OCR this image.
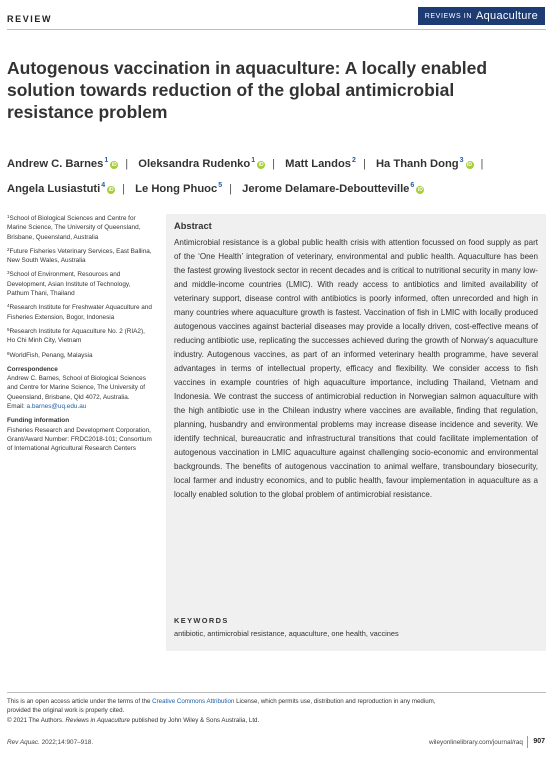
REVIEW	REVIEWS IN Aquaculture
Autogenous vaccination in aquaculture: A locally enabled solution towards reduction of the global antimicrobial resistance problem
Andrew C. Barnes$^1$iD | Oleksandra Rudenko$^1$iD | Matt Landos$^2$ | Ha Thanh Dong$^3$iD | Angela Lusiastuti$^4$iD | Le Hong Phuoc$^5$ | Jerome Delamare-Deboutteville$^6$iD
$^1$School of Biological Sciences and Centre for Marine Science, The University of Queensland, Brisbane, Queensland, Australia
$^2$Future Fisheries Veterinary Services, East Ballina, New South Wales, Australia
$^3$School of Environment, Resources and Development, Asian Institute of Technology, Pathum Thani, Thailand
$^4$Research Institute for Freshwater Aquaculture and Fisheries Extension, Bogor, Indonesia
$^5$Research Institute for Aquaculture No. 2 (RIA2), Ho Chi Minh City, Vietnam
$^6$WorldFish, Penang, Malaysia
Correspondence
Andrew C. Barnes, School of Biological Sciences and Centre for Marine Science, The University of Queensland, Brisbane, Qld 4072, Australia.
Email: a.barnes@uq.edu.au
Funding information
Fisheries Research and Development Corporation, Grant/Award Number: FRDC2018-101; Consortium of International Agricultural Research Centers
Abstract
Antimicrobial resistance is a global public health crisis with attention focussed on food supply as part of the ‘One Health’ integration of veterinary, environmental and public health. Aquaculture has been the fastest growing livestock sector in recent decades and is critical to nutritional security in many low- and middle-income countries (LMIC). With ready access to antibiotics and limited availability of veterinary support, disease control with antibiotics is poorly informed, often unrecorded and high in many countries where aquaculture growth is fastest. Vaccination of fish in LMIC with locally produced autogenous vaccines against bacterial diseases may provide a locally driven, cost-effective means of reducing antibiotic use, replicating the successes achieved during the growth of Norway’s aquaculture industry. Autogenous vaccines, as part of an informed veterinary health programme, have several advantages in terms of intellectual property, efficacy and flexibility. We consider access to fish vaccines in example countries of high aquaculture importance, including Thailand, Vietnam and Indonesia. We contrast the success of antimicrobial reduction in Norwegian salmon aquaculture with the high antibiotic use in the Chilean industry where vaccines are available, finding that regulation, planning, husbandry and environmental problems may increase disease incidence and severity. We identify technical, bureaucratic and infrastructural transitions that could facilitate implementation of autogenous vaccination in LMIC aquaculture against challenging socio-economic and environmental backgrounds. The benefits of autogenous vaccination to animal welfare, transboundary biosecurity, local farmer and industry economics, and to public health, favour implementation in aquaculture as a locally enabled solution to the global problem of antimicrobial resistance.
KEYWORDS
antibiotic, antimicrobial resistance, aquaculture, one health, vaccines
This is an open access article under the terms of the Creative Commons Attribution License, which permits use, distribution and reproduction in any medium,
provided the original work is properly cited.
© 2021 The Authors. Reviews in Aquaculture published by John Wiley & Sons Australia, Ltd.
Rev Aquac. 2022;14:907–918.	wileyonlinelibrary.com/journal/raq 907
